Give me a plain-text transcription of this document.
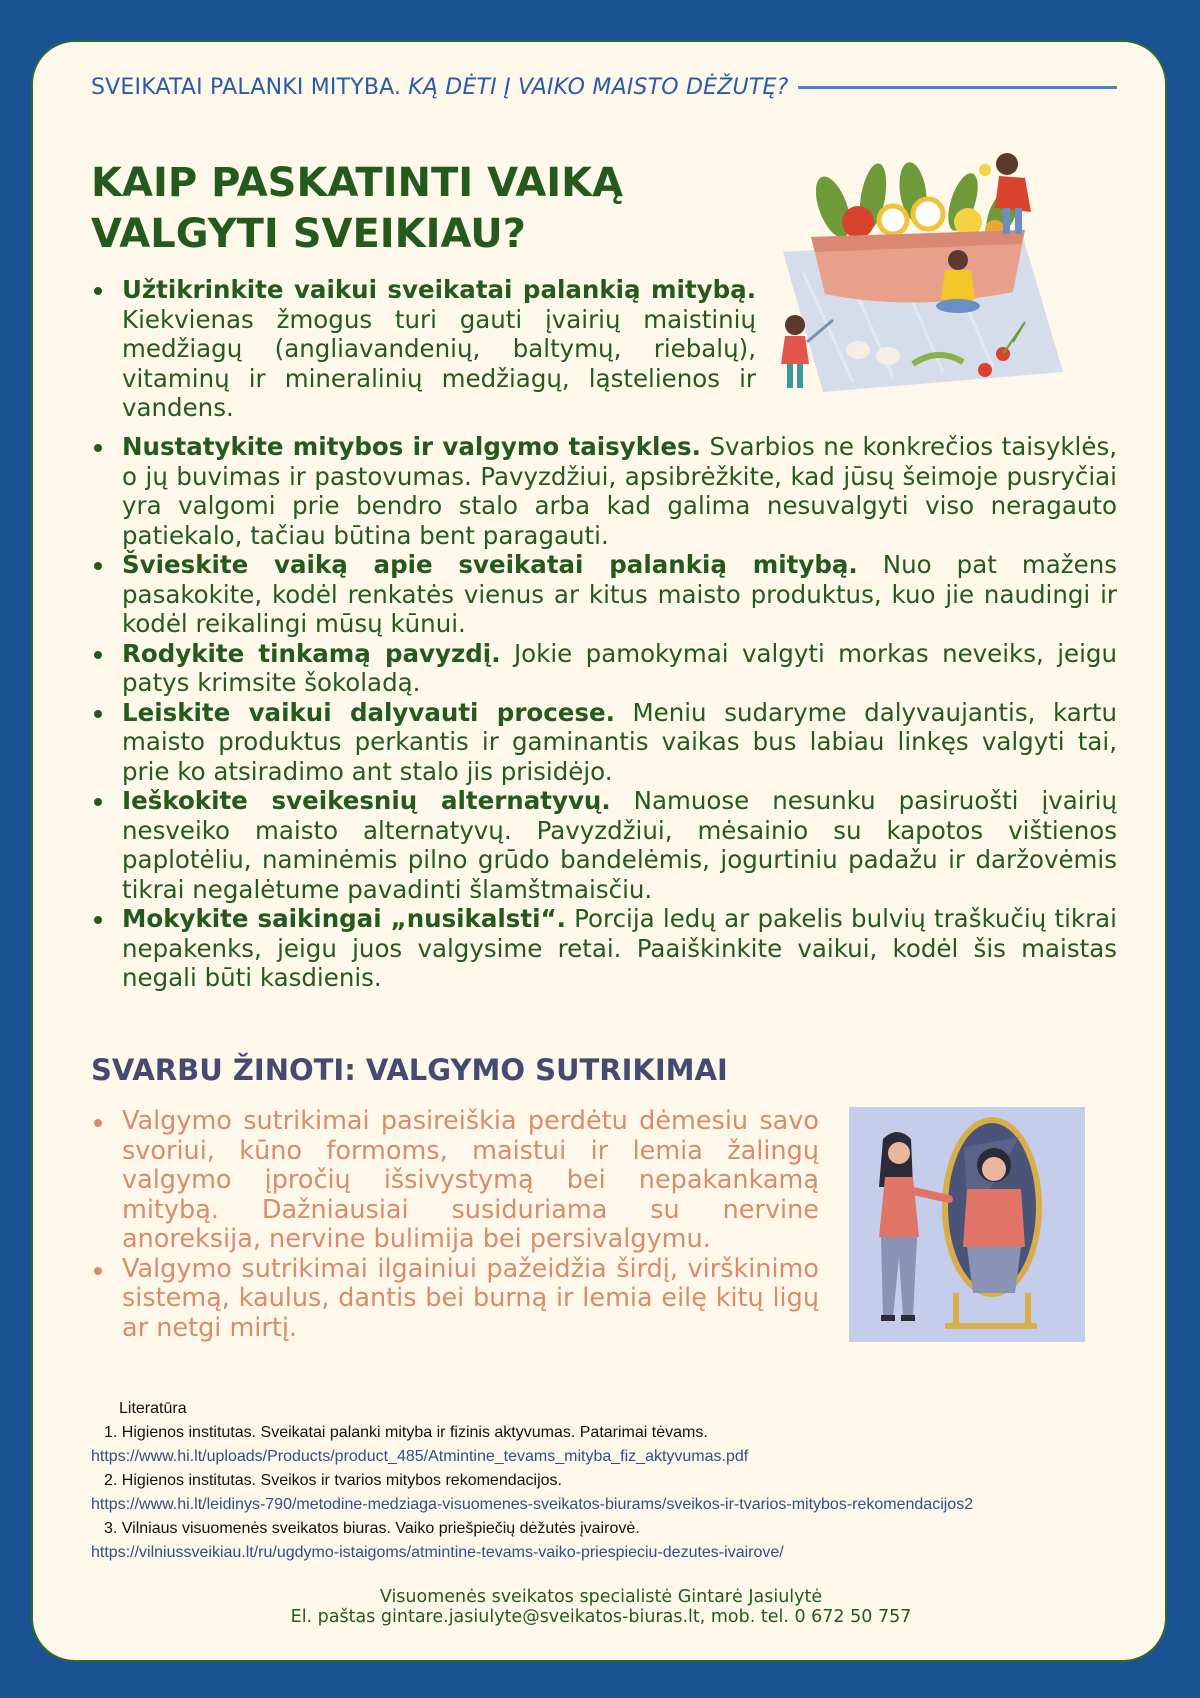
SVEIKATAI PALANKI MITYBA. KĄ DĖTI Į VAIKO MAISTO DĖŽUTĘ?
KAIP PASKATINTI VAIKĄ
VALGYTI SVEIKIAU?
Užtikrinkite vaikui sveikatai palankią mitybą. Kiekvienas žmogus turi gauti įvairių maistinių medžiagų (angliavandenių, baltymų, riebalų), vitaminų ir mineralinių medžiagų, ląstelienos ir vandens.
Nustatykite mitybos ir valgymo taisykles. Svarbios ne konkrečios taisyklės, o jų buvimas ir pastovumas. Pavyzdžiui, apsibrėžkite, kad jūsų šeimoje pusryčiai yra valgomi prie bendro stalo arba kad galima nesuvalgyti viso neragauto patiekalo, tačiau būtina bent paragauti.
Švieskite vaiką apie sveikatai palankią mitybą. Nuo pat mažens pasakokite, kodėl renkatės vienus ar kitus maisto produktus, kuo jie naudingi ir kodėl reikalingi mūsų kūnui.
Rodykite tinkamą pavyzdį. Jokie pamokymai valgyti morkas neveiks, jeigu patys krimsite šokoladą.
Leiskite vaikui dalyvauti procese. Meniu sudaryme dalyvaujantis, kartu maisto produktus perkantis ir gaminantis vaikas bus labiau linkęs valgyti tai, prie ko atsiradimo ant stalo jis prisidėjo.
Ieškokite sveikesnių alternatyvų. Namuose nesunku pasiruošti įvairių nesveiko maisto alternatyvų. Pavyzdžiui, mėsainio su kapotos vištienos paplotėliu, naminėmis pilno grūdo bandelėmis, jogurtiniu padažu ir daržovėmis tikrai negalėtume pavadinti šlamštmaisčiu.
Mokykite saikingai „nusikalsti“. Porcija ledų ar pakelis bulvių traškučių tikrai nepakenks, jeigu juos valgysime retai. Paaiškinkite vaikui, kodėl šis maistas negali būti kasdienis.
SVARBU ŽINOTI: VALGYMO SUTRIKIMAI
Valgymo sutrikimai pasireiškia perdėtu dėmesiu savo svoriui, kūno formoms, maistui ir lemia žalingų valgymo įpročių išsivystymą bei nepakankamą mitybą. Dažniausiai susiduriama su nervine anoreksija, nervine bulimija bei persivalgymu.
Valgymo sutrikimai ilgainiui pažeidžia širdį, virškinimo sistemą, kaulus, dantis bei burną ir lemia eilę kitų ligų ar netgi mirtį.
Literatūra
1. Higienos institutas. Sveikatai palanki mityba ir fizinis aktyvumas. Patarimai tėvams.
https://www.hi.lt/uploads/Products/product_485/Atmintine_tevams_mityba_fiz_aktyvumas.pdf
2. Higienos institutas. Sveikos ir tvarios mitybos rekomendacijos.
https://www.hi.lt/leidinys-790/metodine-medziaga-visuomenes-sveikatos-biurams/sveikos-ir-tvarios-mitybos-rekomendacijos2
3. Vilniaus visuomenės sveikatos biuras. Vaiko priešpiečių dėžutės įvairovė.
https://vilniussveikiau.lt/ru/ugdymo-istaigoms/atmintine-tevams-vaiko-priespieciu-dezutes-ivairove/
Visuomenės sveikatos specialistė Gintarė Jasiulytė
El. paštas gintare.jasiulyte@sveikatos-biuras.lt, mob. tel. 0 672 50 757
